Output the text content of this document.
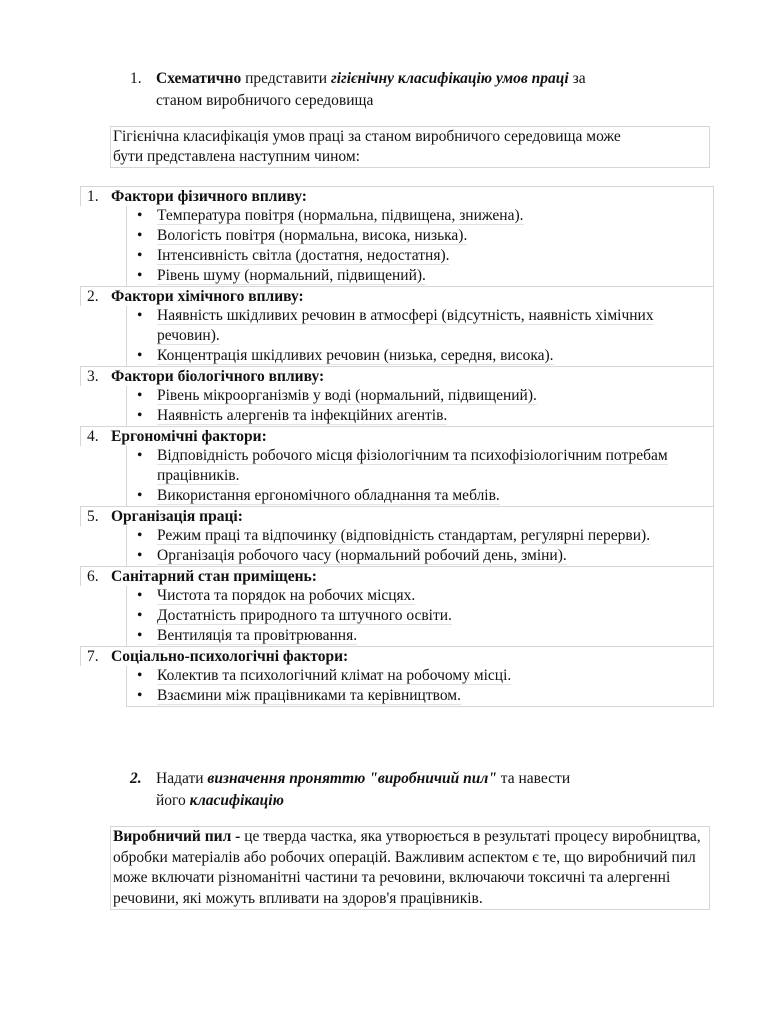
1. Схематично представити гігієнічну класифікацію умов праці за
станом виробничого середовища
Гігієнічна класифікація умов праці за станом виробничого середовища може
бути представлена наступним чином:
1. Фактори фізичного впливу:
• Температура повітря (нормальна, підвищена, знижена).
• Вологість повітря (нормальна, висока, низька).
• Інтенсивність світла (достатня, недостатня).
• Рівень шуму (нормальний, підвищений).
2. Фактори хімічного впливу:
• Наявність шкідливих речовин в атмосфері (відсутність, наявність хімічних речовин).
• Концентрація шкідливих речовин (низька, середня, висока).
3. Фактори біологічного впливу:
• Рівень мікроорганізмів у воді (нормальний, підвищений).
• Наявність алергенів та інфекційних агентів.
4. Ергономічні фактори:
• Відповідність робочого місця фізіологічним та психофізіологічним потребам працівників.
• Використання ергономічного обладнання та меблів.
5. Організація праці:
• Режим праці та відпочинку (відповідність стандартам, регулярні перерви).
• Організація робочого часу (нормальний робочий день, зміни).
6. Санітарний стан приміщень:
• Чистота та порядок на робочих місцях.
• Достатність природного та штучного освіти.
• Вентиляція та провітрювання.
7. Соціально-психологічні фактори:
• Колектив та психологічний клімат на робочому місці.
• Взаємини між працівниками та керівництвом.
2. Надати визначення проняттю "виробничий пил" та навести
його класифікацію
Виробничий пил - це тверда частка, яка утворюється в результаті процесу виробництва, обробки матеріалів або робочих операцій. Важливим аспектом є те, що виробничий пил може включати різноманітні частини та речовини, включаючи токсичні та алергенні речовини, які можуть впливати на здоров'я працівників.
